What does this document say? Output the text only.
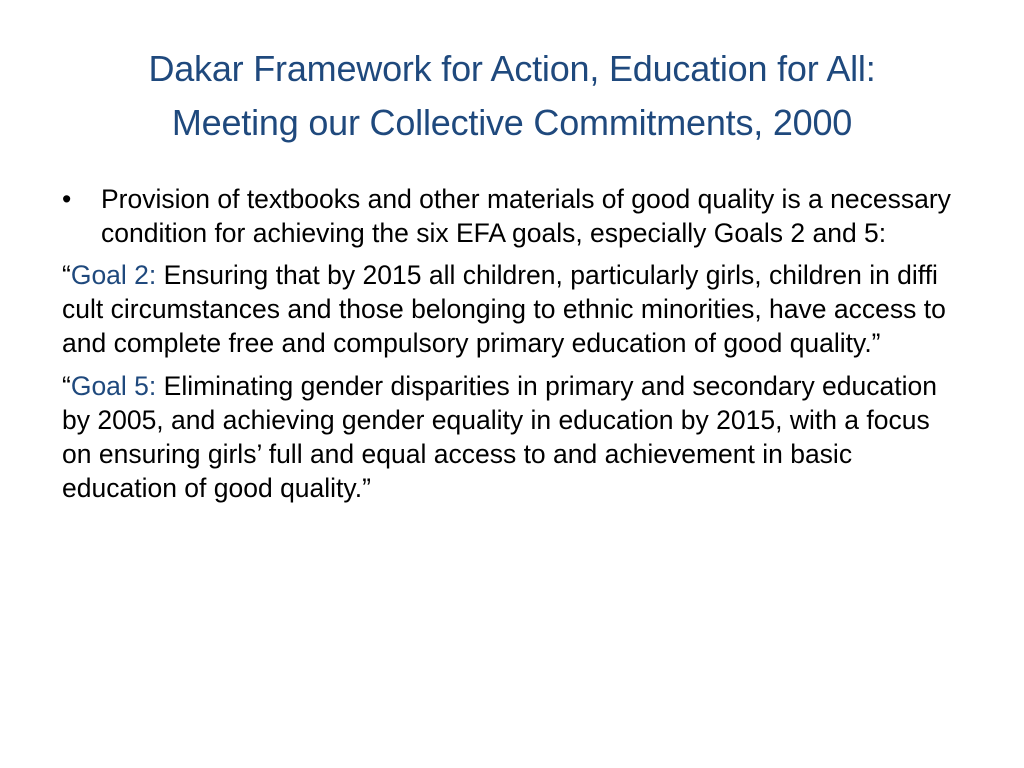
Dakar Framework for Action, Education for All:
Meeting our Collective Commitments, 2000
• Provision of textbooks and other materials of good quality is a necessary condition for achieving the six EFA goals, especially Goals 2 and 5:
“Goal 2: Ensuring that by 2015 all children, particularly girls, children in diffi cult circumstances and those belonging to ethnic minorities, have access to and complete free and compulsory primary education of good quality.”
“Goal 5: Eliminating gender disparities in primary and secondary education by 2005, and achieving gender equality in education by 2015, with a focus on ensuring girls’ full and equal access to and achievement in basic education of good quality.”
